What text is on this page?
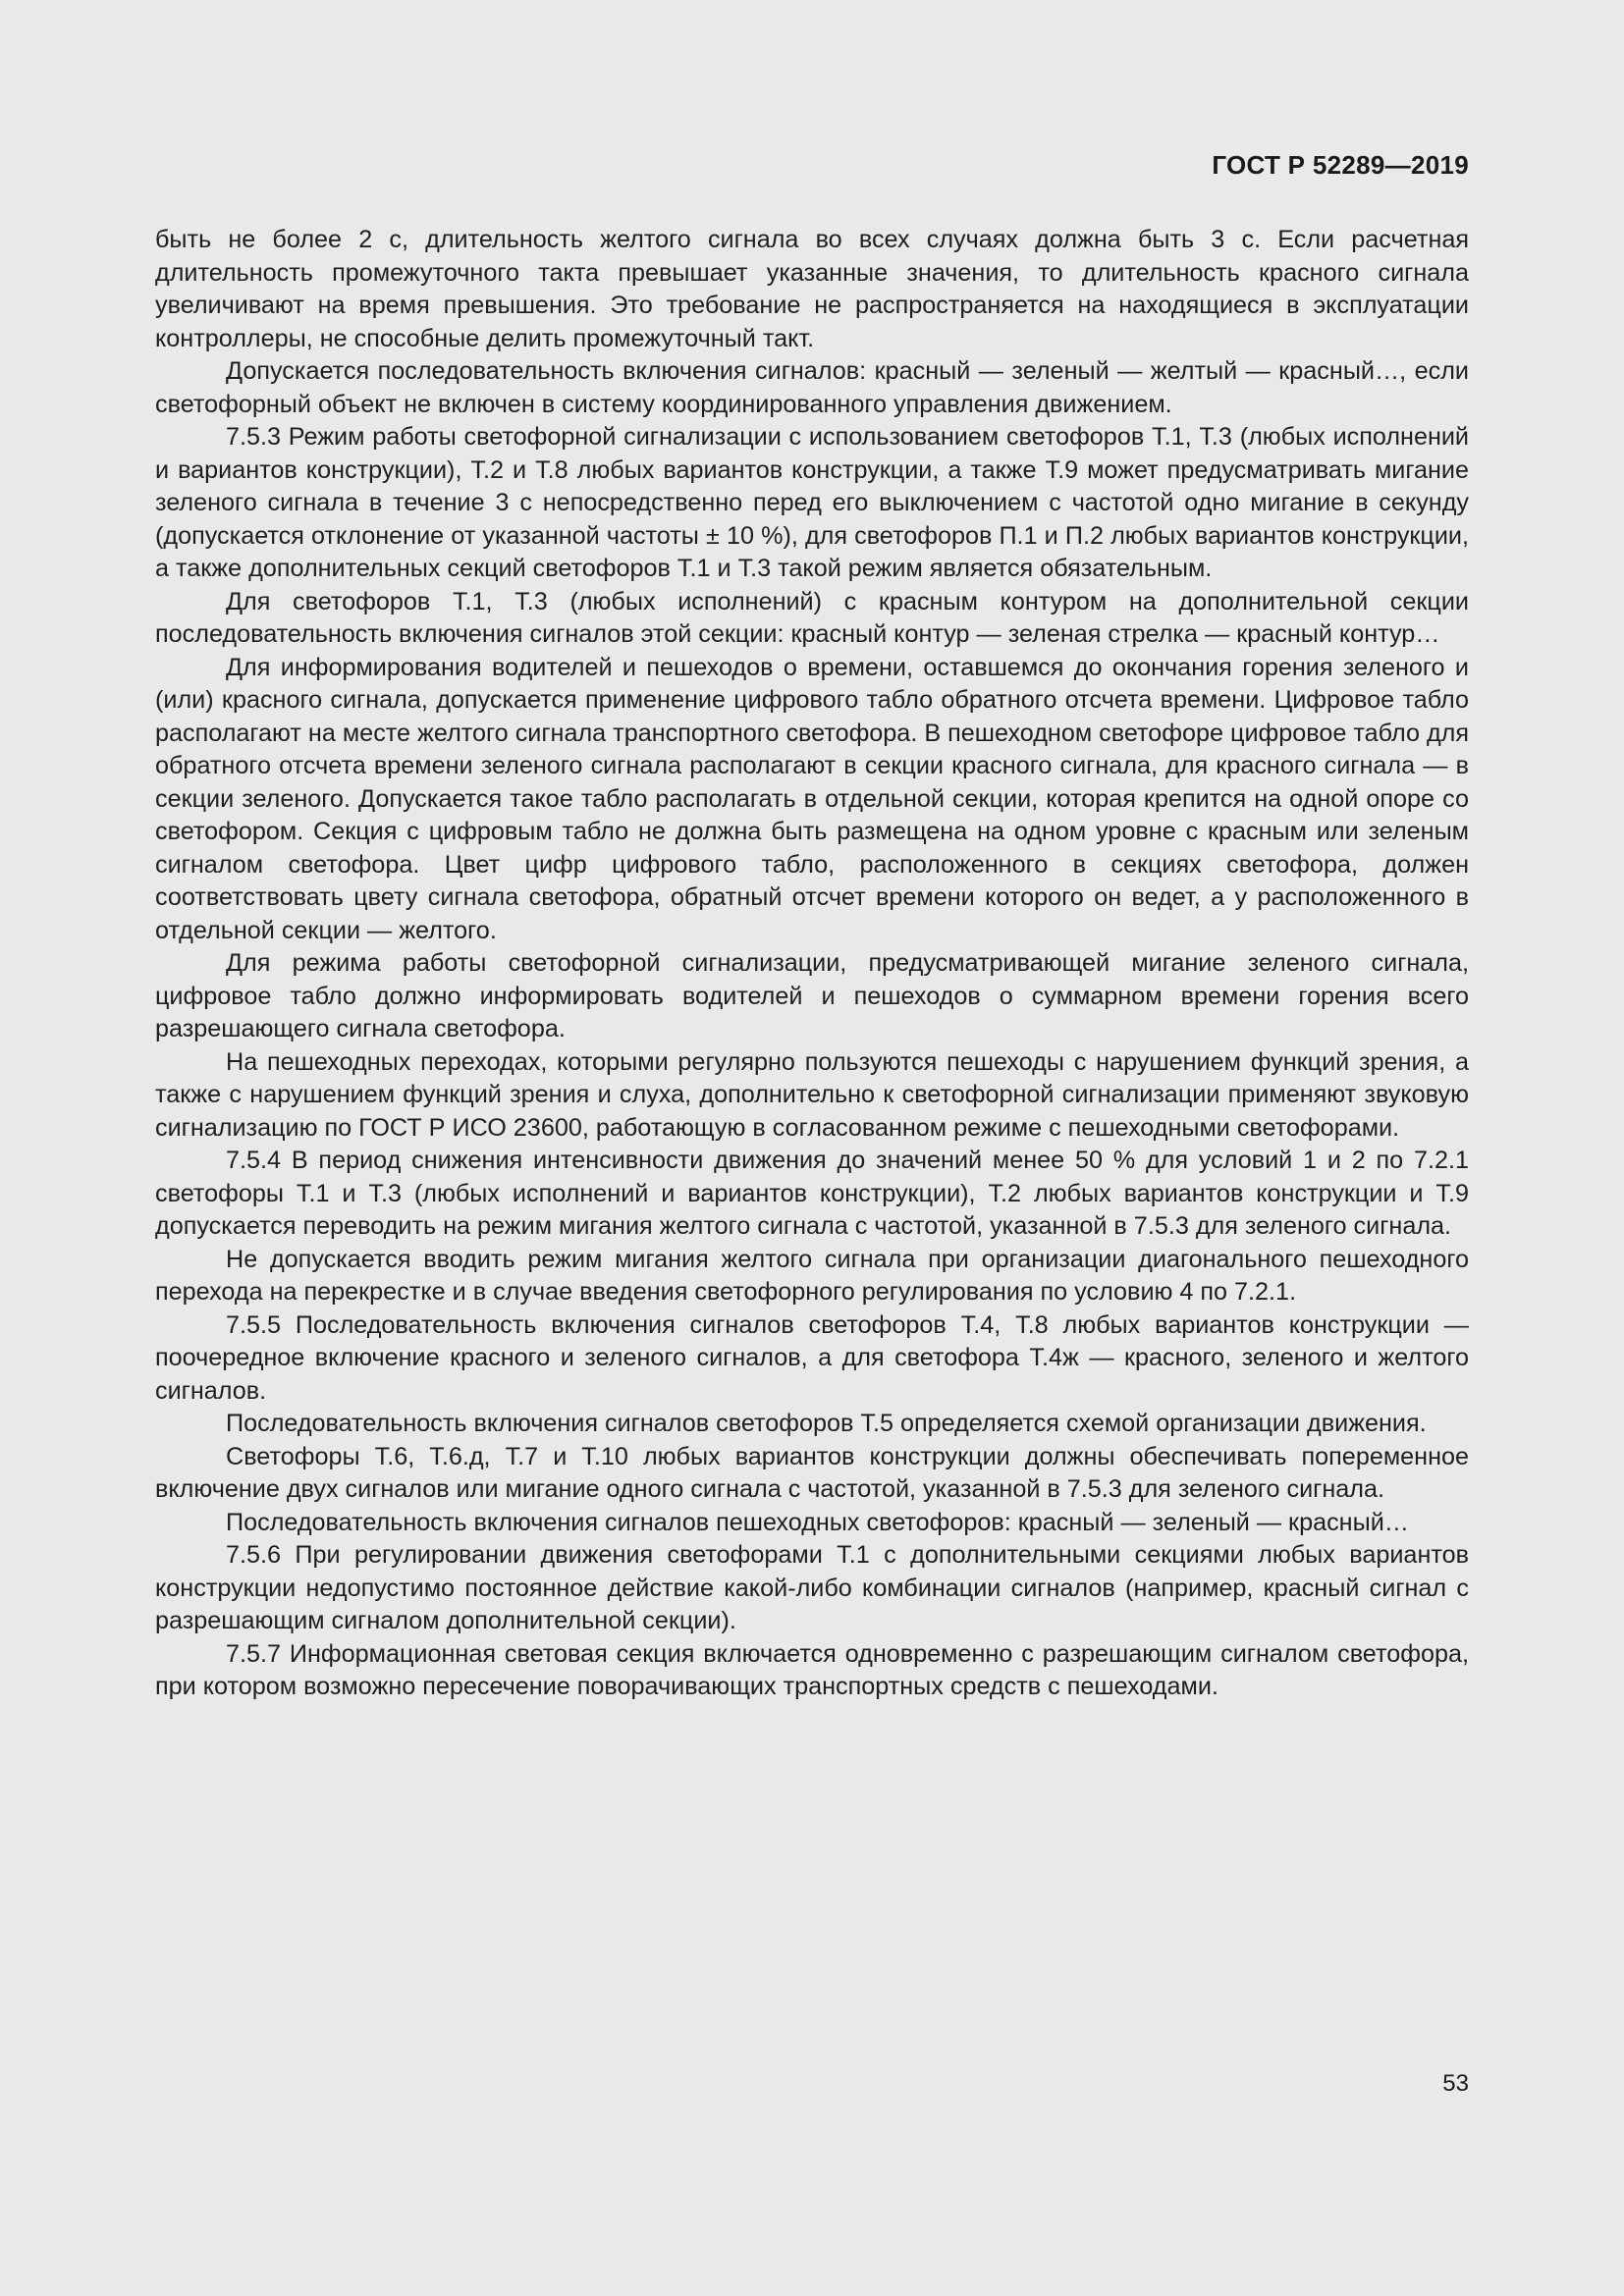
ГОСТ Р 52289—2019

быть не более 2 с, длительность желтого сигнала во всех случаях должна быть 3 с. Если расчетная длительность промежуточного такта превышает указанные значения, то длительность красного сигнала увеличивают на время превышения. Это требование не распространяется на находящиеся в эксплуатации контроллеры, не способные делить промежуточный такт.

Допускается последовательность включения сигналов: красный — зеленый — желтый — красный…, если светофорный объект не включен в систему координированного управления движением.

7.5.3 Режим работы светофорной сигнализации с использованием светофоров Т.1, Т.3 (любых исполнений и вариантов конструкции), Т.2 и Т.8 любых вариантов конструкции, а также Т.9 может предусматривать мигание зеленого сигнала в течение 3 с непосредственно перед его выключением с частотой одно мигание в секунду (допускается отклонение от указанной частоты ± 10 %), для светофоров П.1 и П.2 любых вариантов конструкции, а также дополнительных секций светофоров Т.1 и Т.3 такой режим является обязательным.

Для светофоров Т.1, Т.3 (любых исполнений) с красным контуром на дополнительной секции последовательность включения сигналов этой секции: красный контур — зеленая стрелка — красный контур…

Для информирования водителей и пешеходов о времени, оставшемся до окончания горения зеленого и (или) красного сигнала, допускается применение цифрового табло обратного отсчета времени. Цифровое табло располагают на месте желтого сигнала транспортного светофора. В пешеходном светофоре цифровое табло для обратного отсчета времени зеленого сигнала располагают в секции красного сигнала, для красного сигнала — в секции зеленого. Допускается такое табло располагать в отдельной секции, которая крепится на одной опоре со светофором. Секция с цифровым табло не должна быть размещена на одном уровне с красным или зеленым сигналом светофора. Цвет цифр цифрового табло, расположенного в секциях светофора, должен соответствовать цвету сигнала светофора, обратный отсчет времени которого он ведет, а у расположенного в отдельной секции — желтого.

Для режима работы светофорной сигнализации, предусматривающей мигание зеленого сигнала, цифровое табло должно информировать водителей и пешеходов о суммарном времени горения всего разрешающего сигнала светофора.

На пешеходных переходах, которыми регулярно пользуются пешеходы с нарушением функций зрения, а также с нарушением функций зрения и слуха, дополнительно к светофорной сигнализации применяют звуковую сигнализацию по ГОСТ Р ИСО 23600, работающую в согласованном режиме с пешеходными светофорами.

7.5.4 В период снижения интенсивности движения до значений менее 50 % для условий 1 и 2 по 7.2.1 светофоры Т.1 и Т.3 (любых исполнений и вариантов конструкции), Т.2 любых вариантов конструкции и Т.9 допускается переводить на режим мигания желтого сигнала с частотой, указанной в 7.5.3 для зеленого сигнала.

Не допускается вводить режим мигания желтого сигнала при организации диагонального пешеходного перехода на перекрестке и в случае введения светофорного регулирования по условию 4 по 7.2.1.

7.5.5 Последовательность включения сигналов светофоров Т.4, Т.8 любых вариантов конструкции — поочередное включение красного и зеленого сигналов, а для светофора Т.4ж — красного, зеленого и желтого сигналов.

Последовательность включения сигналов светофоров Т.5 определяется схемой организации движения.

Светофоры Т.6, Т.6.д, Т.7 и Т.10 любых вариантов конструкции должны обеспечивать попеременное включение двух сигналов или мигание одного сигнала с частотой, указанной в 7.5.3 для зеленого сигнала.

Последовательность включения сигналов пешеходных светофоров: красный — зеленый — красный…

7.5.6 При регулировании движения светофорами Т.1 с дополнительными секциями любых вариантов конструкции недопустимо постоянное действие какой-либо комбинации сигналов (например, красный сигнал с разрешающим сигналом дополнительной секции).

7.5.7 Информационная световая секция включается одновременно с разрешающим сигналом светофора, при котором возможно пересечение поворачивающих транспортных средств с пешеходами.

53
